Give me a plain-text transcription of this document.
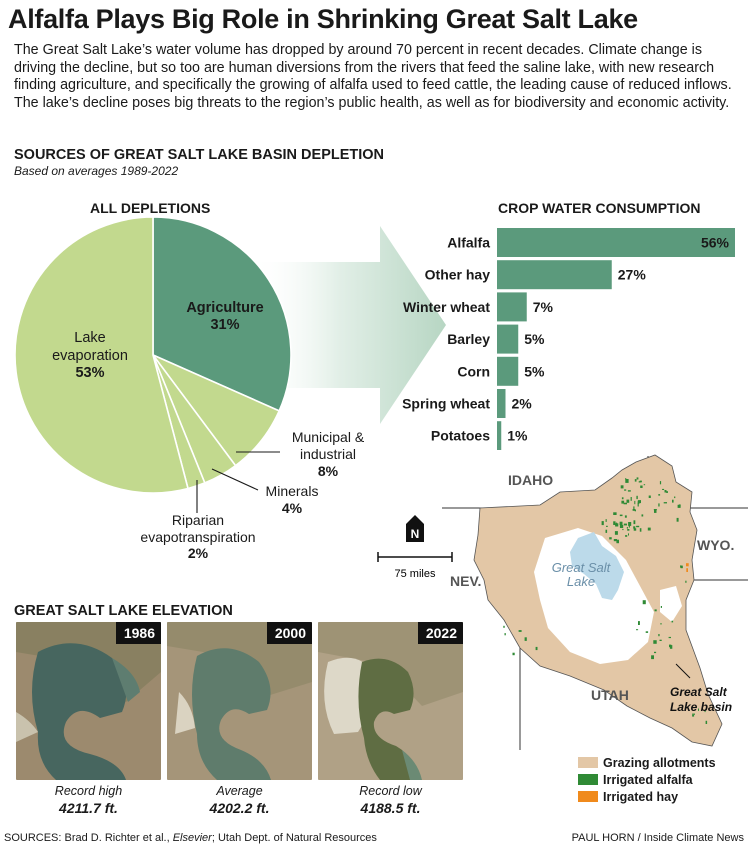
Alfalfa Plays Big Role in Shrinking Great Salt Lake
The Great Salt Lake’s water volume has dropped by around 70 percent in recent decades. Climate change is driving the decline, but so too are human diversions from the rivers that feed the saline lake, with new research finding agriculture, and specifically the growing of alfalfa used to feed cattle, the leading cause of reduced inflows. The lake’s decline poses big threats to the region’s public health, as well as for biodiversity and economic activity.
SOURCES OF GREAT SALT LAKE BASIN DEPLETION
Based on averages 1989-2022
ALL DEPLETIONS	CROP WATER CONSUMPTION
Agriculture
31%
Lake evaporation
53%
Municipal & industrial
8%
Minerals
4%
Riparian evapotranspiration
2%
Alfalfa	56%
Other hay	27%
Winter wheat	7%
Barley 5%
Corn 5%
Spring wheat 2%
Potatoes 1%
N
75 miles
IDAHO
WYO.
NEV.
UTAH
Great Salt
Lake
Great Salt
Lake basin
Grazing allotments
Irrigated alfalfa
Irrigated hay
GREAT SALT LAKE ELEVATION
1986	2000	2022
Record high
4211.7 ft.
Average
4202.2 ft.
Record low
4188.5 ft.
SOURCES: Brad D. Richter et al., Elsevier; Utah Dept. of Natural Resources	PAUL HORN / Inside Climate News
